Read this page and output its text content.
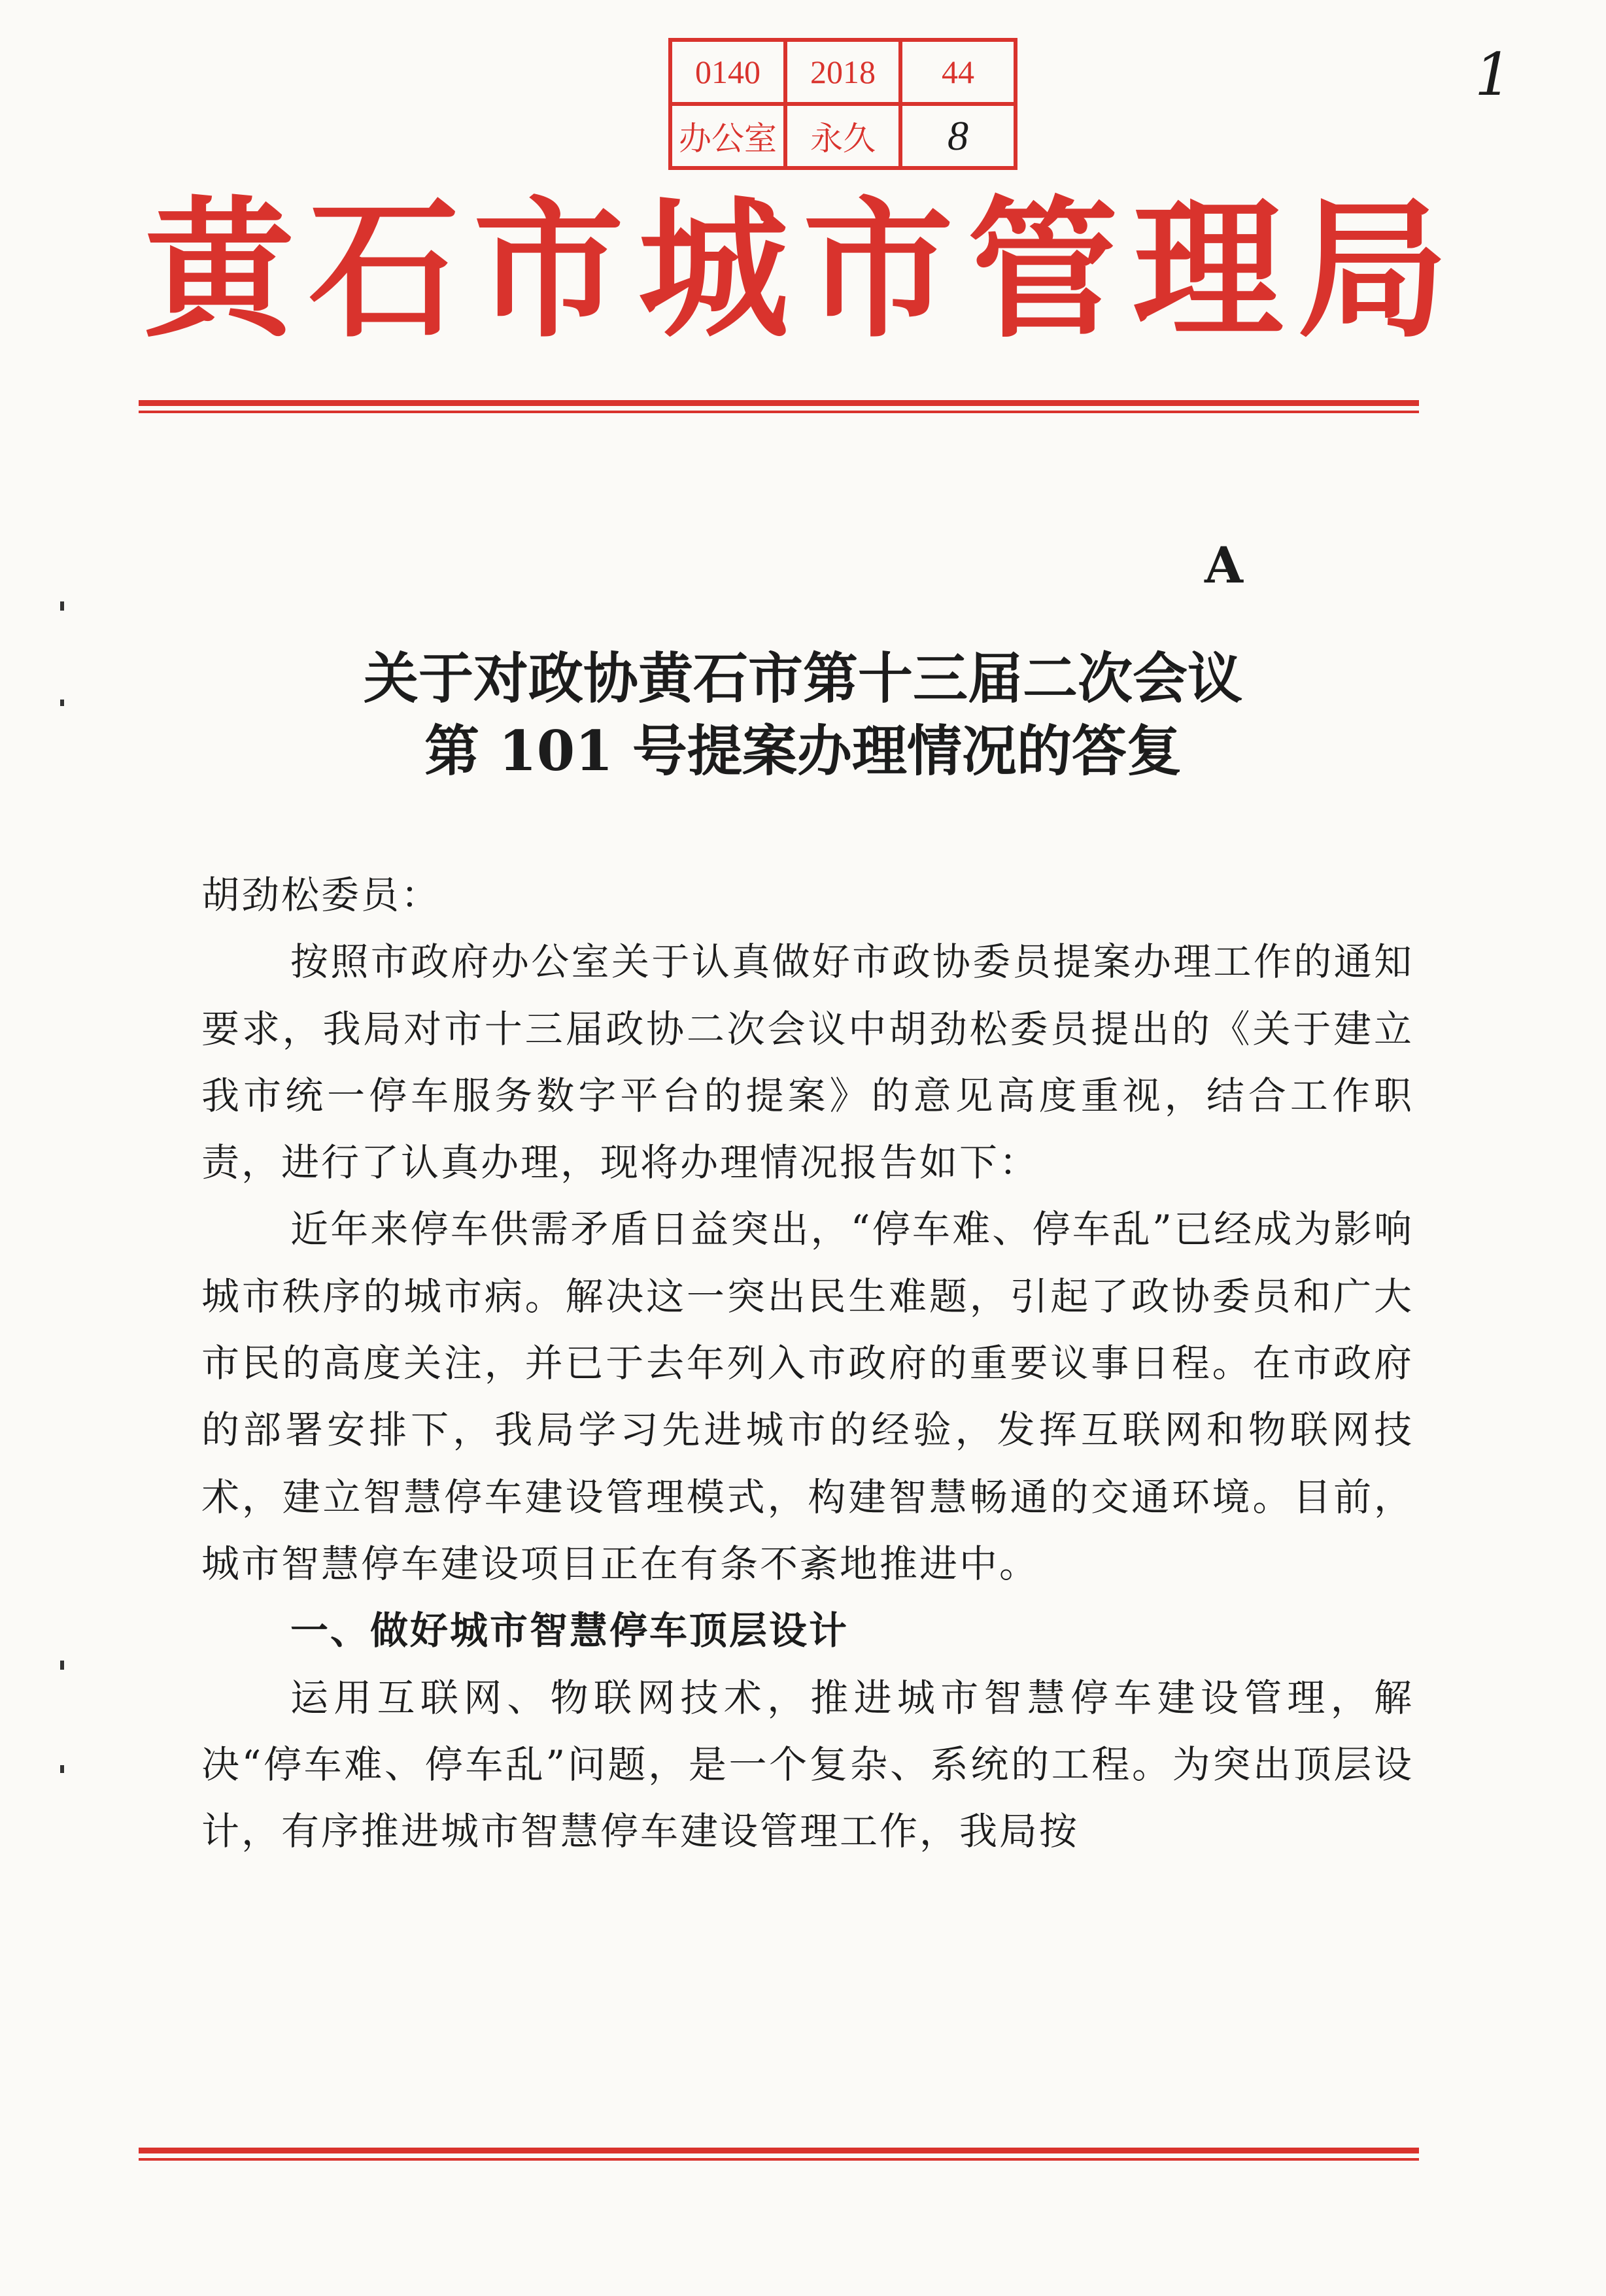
0140	2018	44
办公室	永久	8
1
黄石市城市管理局
A
关于对政协黄石市第十三届二次会议
第 101 号提案办理情况的答复

胡劲松委员：

按照市政府办公室关于认真做好市政协委员提案办理工作的通知要求，我局对市十三届政协二次会议中胡劲松委员提出的《关于建立我市统一停车服务数字平台的提案》的意见高度重视，结合工作职责，进行了认真办理，现将办理情况报告如下：

近年来停车供需矛盾日益突出，“停车难、停车乱”已经成为影响城市秩序的城市病。解决这一突出民生难题，引起了政协委员和广大市民的高度关注，并已于去年列入市政府的重要议事日程。在市政府的部署安排下，我局学习先进城市的经验，发挥互联网和物联网技术，建立智慧停车建设管理模式，构建智慧畅通的交通环境。目前，城市智慧停车建设项目正在有条不紊地推进中。

一、做好城市智慧停车顶层设计

运用互联网、物联网技术，推进城市智慧停车建设管理，解决“停车难、停车乱”问题，是一个复杂、系统的工程。为突出顶层设计，有序推进城市智慧停车建设管理工作，我局按
